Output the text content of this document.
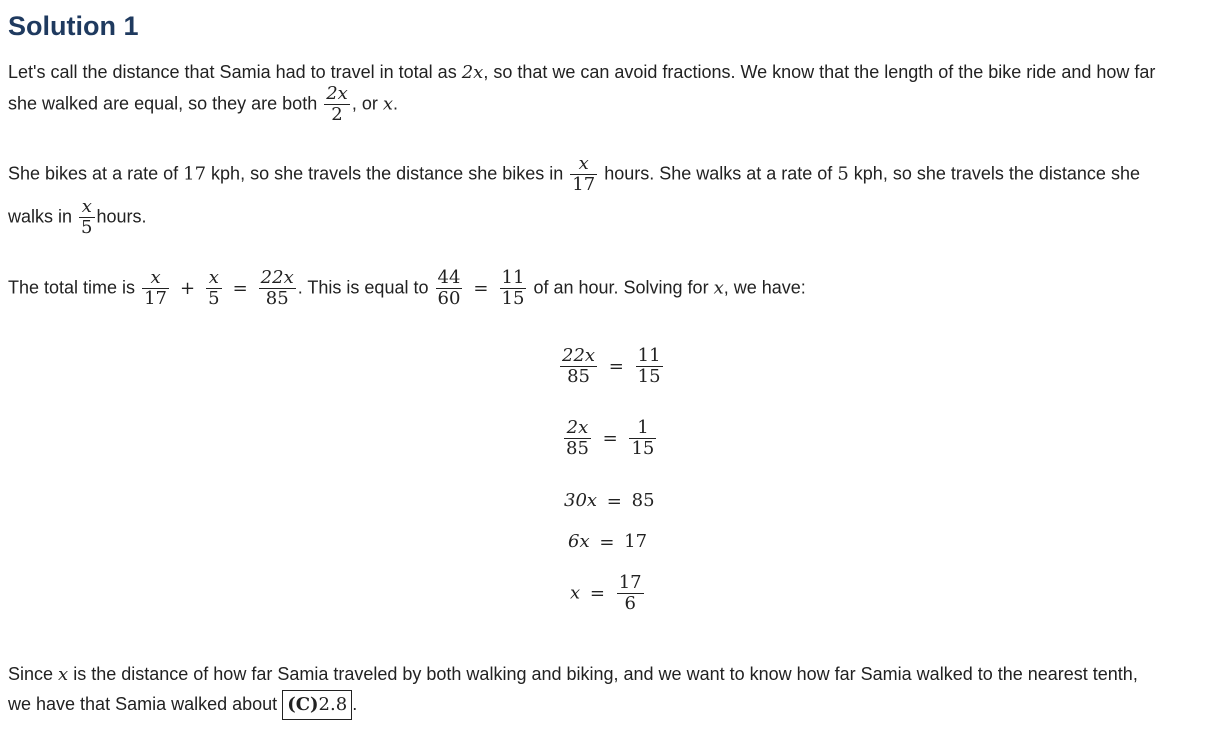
Solution 1
Let's call the distance that Samia had to travel in total as 2x, so that we can avoid fractions. We know that the length of the bike ride and how far
she walked are equal, so they are both $\frac{2x}{2}$ , or x.
She bikes at a rate of 17 kph, so she travels the distance she bikes in $\frac{x}{17}$ hours. She walks at a rate of 5 kph, so she travels the distance she
walks in $\frac{x}{5}$ hours.
The total time is $\frac{x}{17} + \frac{x}{5} = \frac{22x}{85}$ . This is equal to $\frac{44}{60} = \frac{11}{15}$ of an hour. Solving for x, we have:
$\frac{22x}{85} = \frac{11}{15}$
$\frac{2x}{85} = \frac{1}{15}$
30x = 85
6x = 17
$x = \frac{17}{6}$
Since x is the distance of how far Samia traveled by both walking and biking, and we want to know how far Samia walked to the nearest tenth,
we have that Samia walked about (C)2.8 .
